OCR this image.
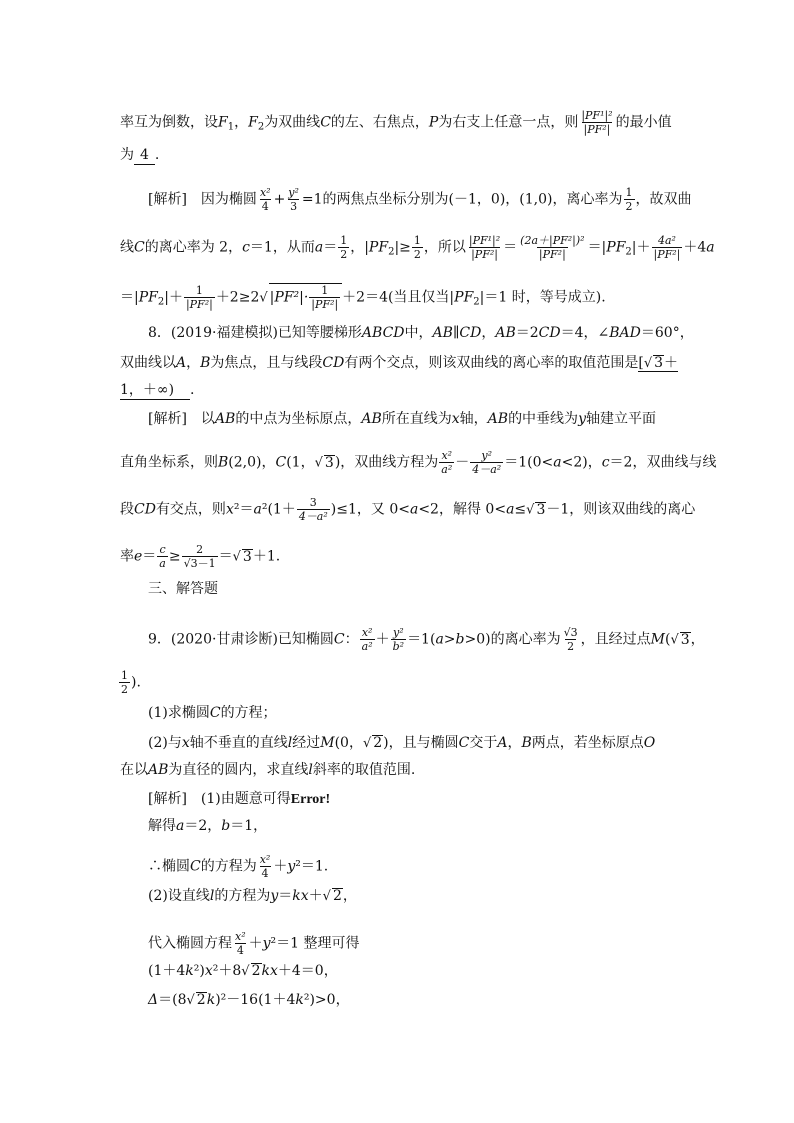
率互为倒数，设$F_1$，$F_2$为双曲线C的左、右焦点，P为右支上任意一点，则 $\frac{\text{|PF¹|²}}{\text{|PF²|}}$ 的最小值
为 4 .
[解析]　因为椭圆 $\frac{\text{x²}}{4} + \frac{\text{y²}}{3} =1$的两焦点坐标分别为(－1，0)，(1,0)，离心率为 $\frac{1}{2}$ ，故双曲
线C的离心率为 2，c＝1，从而$a= \frac{1}{2}$ ，$|PF_2|\ge \frac{1}{2}$ ，所以 $\frac{\text{|PF¹|²}}{\text{|PF²|}} = \frac{\text{(2a＋|PF²|)²}}{\text{|PF²|}} =|PF_2|+ \frac{\text{4a²}}{\text{|PF²|}} +4a$
$=|PF_2|+ \frac{1}{\text{|PF²|}} +2\ge 2√$ $|PF^2|\cdot \frac{1}{\text{|PF²|}} +2=4$(当且仅当$|PF_2|=1$ 时，等号成立).
8．(2019·福建模拟)已知等腰梯形ABCD中，AB∥CD，AB＝2CD＝4，∠BAD＝60°，
双曲线以A，B为焦点，且与线段CD有两个交点，则该双曲线的离心率的取值范围是[√ 3＋
1，＋∞) .
[解析]　以AB的中点为坐标原点，AB所在直线为x轴，AB的中垂线为y轴建立平面
直角坐标系，则B(2,0)，C(1，√ 3)，双曲线方程为 $\frac{\text{x²}}{\text{a²}} - \frac{\text{y²}}{\text{4－a²}} =1(0<a<2)$，c＝2，双曲线与线
段CD有交点，则$x^2=a^2(1+ \frac{3}{\text{4－a²}} )\le 1$，又 0<a<2，解得 0<a≤√ 3－1，则该双曲线的离心
率$e= \frac{c}{a} \ge \frac{2}{√3-1}$ ＝√ 3＋1.
三、解答题
9．(2020·甘肃诊断)已知椭圆C： $\frac{\text{x²}}{\text{a²}} + \frac{\text{y²}}{\text{b²}} =1(a>b>0)$的离心率为 $\frac{√3}{2}$ ，且经过点M(√ 3，
$\frac{1}{2}$ ).
(1)求椭圆C的方程；
(2)与x轴不垂直的直线l经过M(0，√ 2)，且与椭圆C交于A，B两点，若坐标原点O
在以AB为直径的圆内，求直线l斜率的取值范围.
[解析]　(1)由题意可得Error!
解得a＝2，b＝1，
∴椭圆C的方程为 $\frac{\text{x²}}{4} +y^2=1$.
(2)设直线l的方程为y＝kx＋√ 2，
代入椭圆方程 $\frac{\text{x²}}{4} +y^2=1$ 整理可得
(1＋4k²)x²＋8√ 2kx＋4＝0，
Δ＝(8√ 2k)²－16(1＋4k²)>0，
